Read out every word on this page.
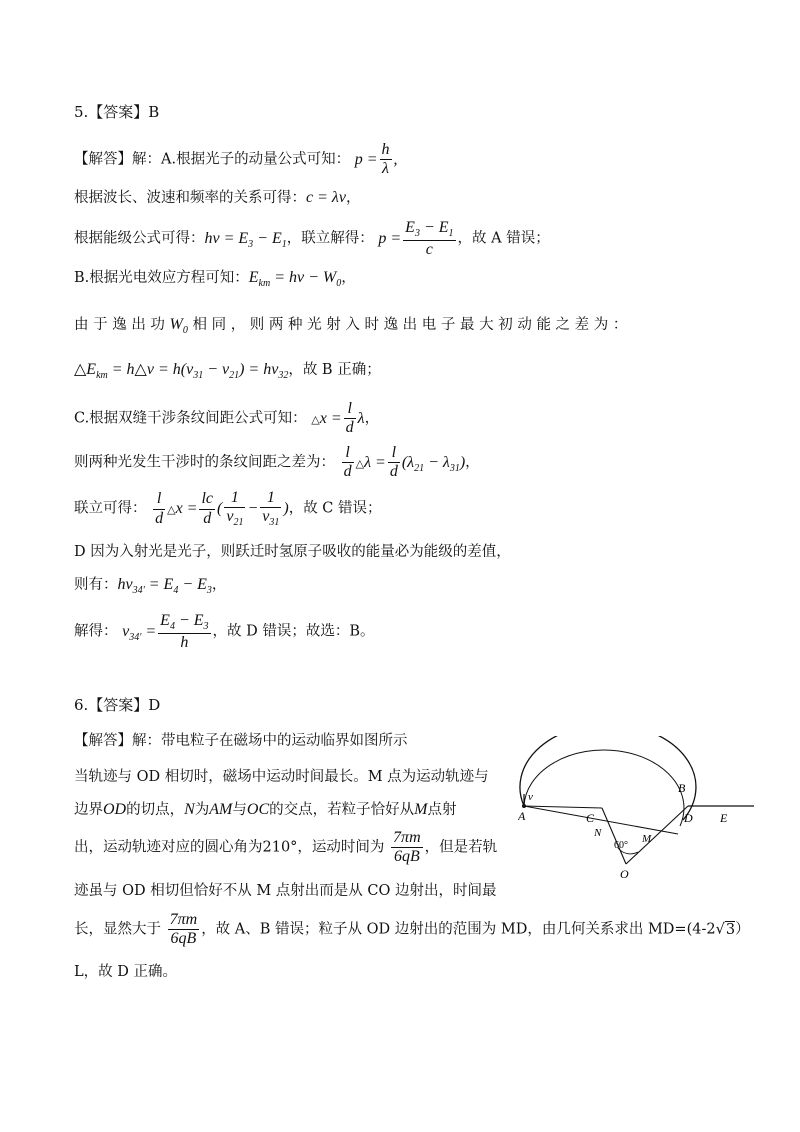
5.【答案】B
【解答】解：A.根据光子的动量公式可知： $p = \frac{h}{\lambda}$ ,
根据波长、波速和频率的关系可得：c = λν，
根据能级公式可得：$h\nu = E_3 - E_1$，联立解得： $p = \frac{E_3 - E_1}{c}$ ，故 A 错误；
B.根据光电效应方程可知：$E_{km} = h\nu - W_0$，
由 于 逸 出 功 $W_0$ 相 同 ， 则 两 种 光 射 入 时 逸 出 电 子 最 大 初 动 能 之 差 为 ：
$\triangle E_{km}$ = h△ν = $h(\nu_{31} - \nu_{21}) = h\nu_{32}$，故 B 正确；
C.根据双缝干涉条纹间距公式可知： △x = $\frac{l}{d}$ λ，
则两种光发生干涉时的条纹间距之差为： $\frac{l}{d}$ △λ = $\frac{l}{d} (\lambda_{21} - \lambda_{31})$，
联立可得： $\frac{l}{d}$ △x = $\frac{lc}{d}$ ( $\frac{1}{\nu_{21}} - \frac{1}{\nu_{31}}$ )，故 C 错误；
D 因为入射光是光子，则跃迁时氢原子吸收的能量必为能级的差值，
则有：$h\nu_{34'} = E_4 - E_3$，
解得： $\nu_{34'} = \frac{E_4 - E_3}{h}$ ，故 D 错误；故选：B。
6.【答案】D
【解答】解：带电粒子在磁场中的运动临界如图所示
当轨迹与 OD 相切时，磁场中运动时间最长。M 点为运动轨迹与
边界OD的切点，N为AM与OC的交点，若粒子恰好从M点射
出，运动轨迹对应的圆心角为210°，运动时间为 $\frac{7\pi m}{6qB}$ ，但是若轨
迹虽与 OD 相切但恰好不从 M 点射出而是从 CO 边射出，时间最
长，显然大于 $\frac{7\pi m}{6qB}$ ，故 A、B 错误；粒子从 OD 边射出的范围为 MD，由几何关系求出 MD=(4-2√3）
L，故 D 正确。
A
v
C
N
60°
M
O
D
B
E
